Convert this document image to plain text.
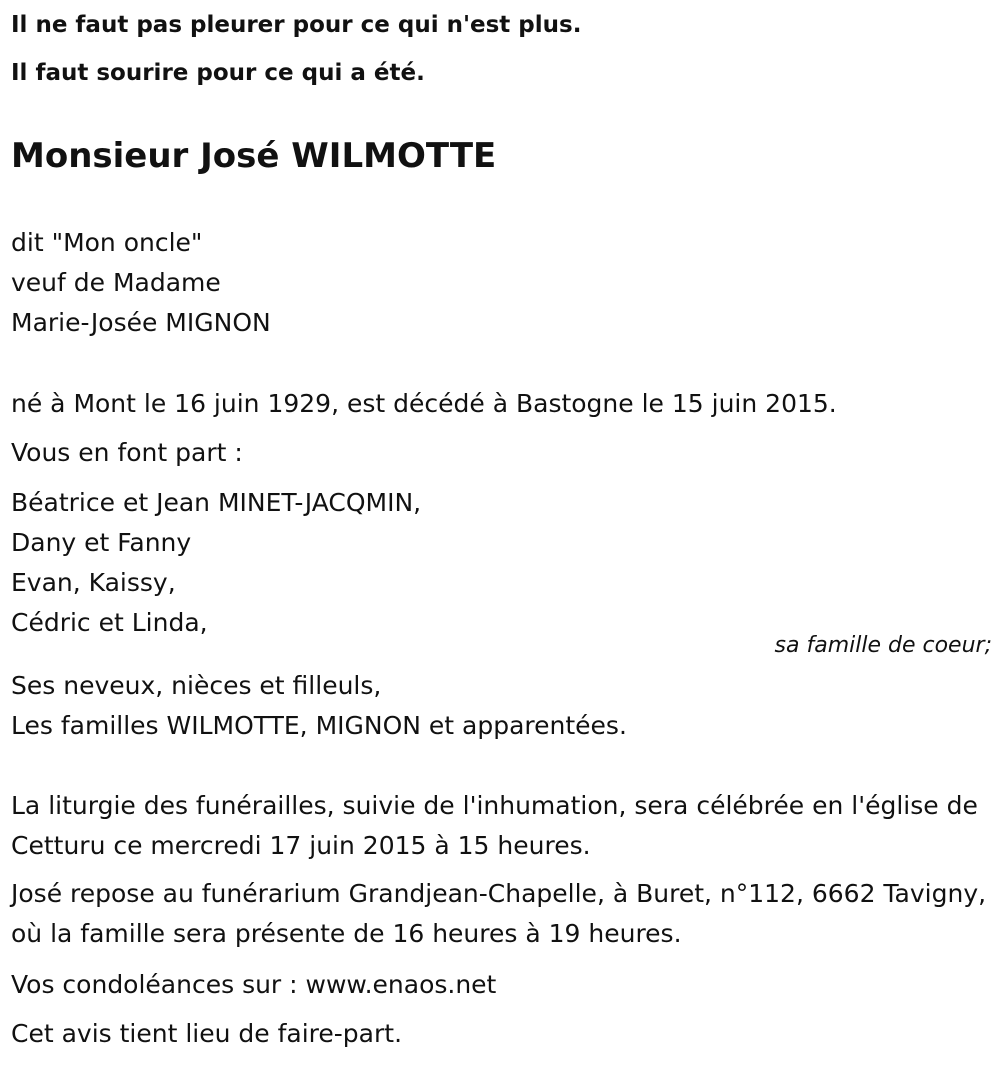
Il ne faut pas pleurer pour ce qui n'est plus.
Il faut sourire pour ce qui a été.
Monsieur José WILMOTTE
dit "Mon oncle"
veuf de Madame
Marie-Josée MIGNON
né à Mont le 16 juin 1929, est décédé à Bastogne le 15 juin 2015.
Vous en font part :
Béatrice et Jean MINET-JACQMIN,
Dany et Fanny
Evan, Kaissy,
Cédric et Linda,
sa famille de coeur;
Ses neveux, nièces et filleuls,
Les familles WILMOTTE, MIGNON et apparentées.
La liturgie des funérailles, suivie de l'inhumation, sera célébrée en l'église de Cetturu ce mercredi 17 juin 2015 à 15 heures.
José repose au funérarium Grandjean-Chapelle, à Buret, n°112, 6662 Tavigny, où la famille sera présente de 16 heures à 19 heures.
Vos condoléances sur : www.enaos.net
Cet avis tient lieu de faire-part.
